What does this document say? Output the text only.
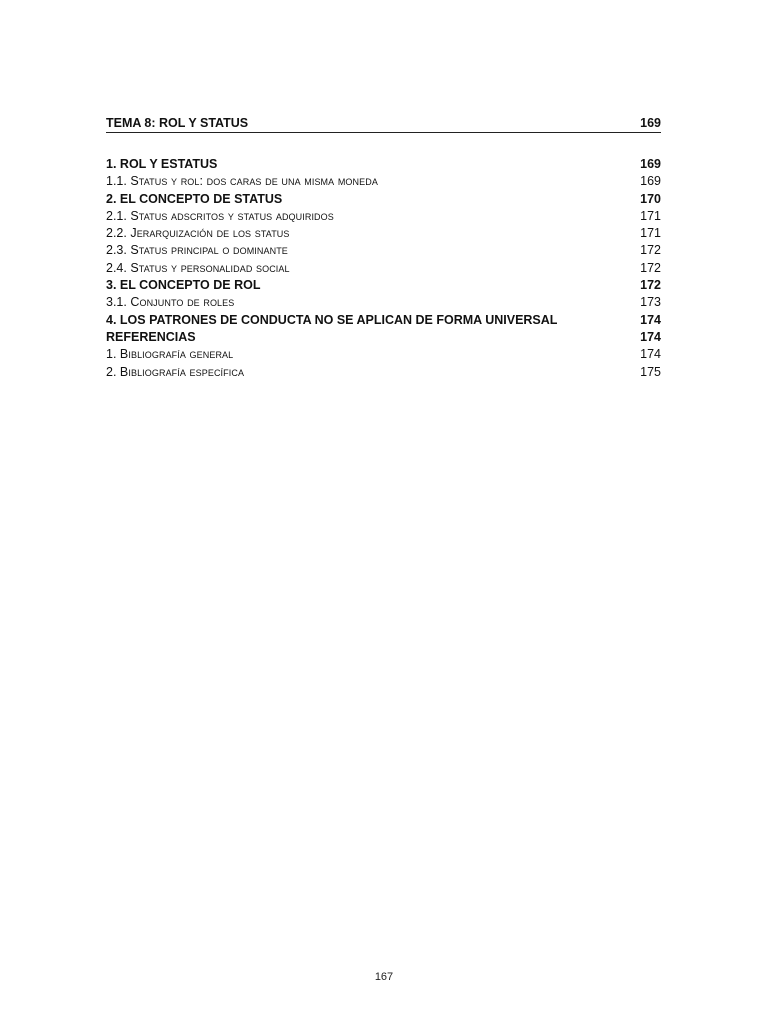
TEMA 8: ROL Y STATUS	169
1. ROL Y ESTATUS	169
1.1. Status y rol: dos caras de una misma moneda	169
2. EL CONCEPTO DE STATUS	170
2.1. Status adscritos y status adquiridos	171
2.2. Jerarquización de los status	171
2.3. Status principal o dominante	172
2.4. Status y personalidad social	172
3. EL CONCEPTO DE ROL	172
3.1. Conjunto de roles	173
4. LOS PATRONES DE CONDUCTA NO SE APLICAN DE FORMA UNIVERSAL	174
REFERENCIAS	174
1. Bibliografía general	174
2. Bibliografía específica	175
167
